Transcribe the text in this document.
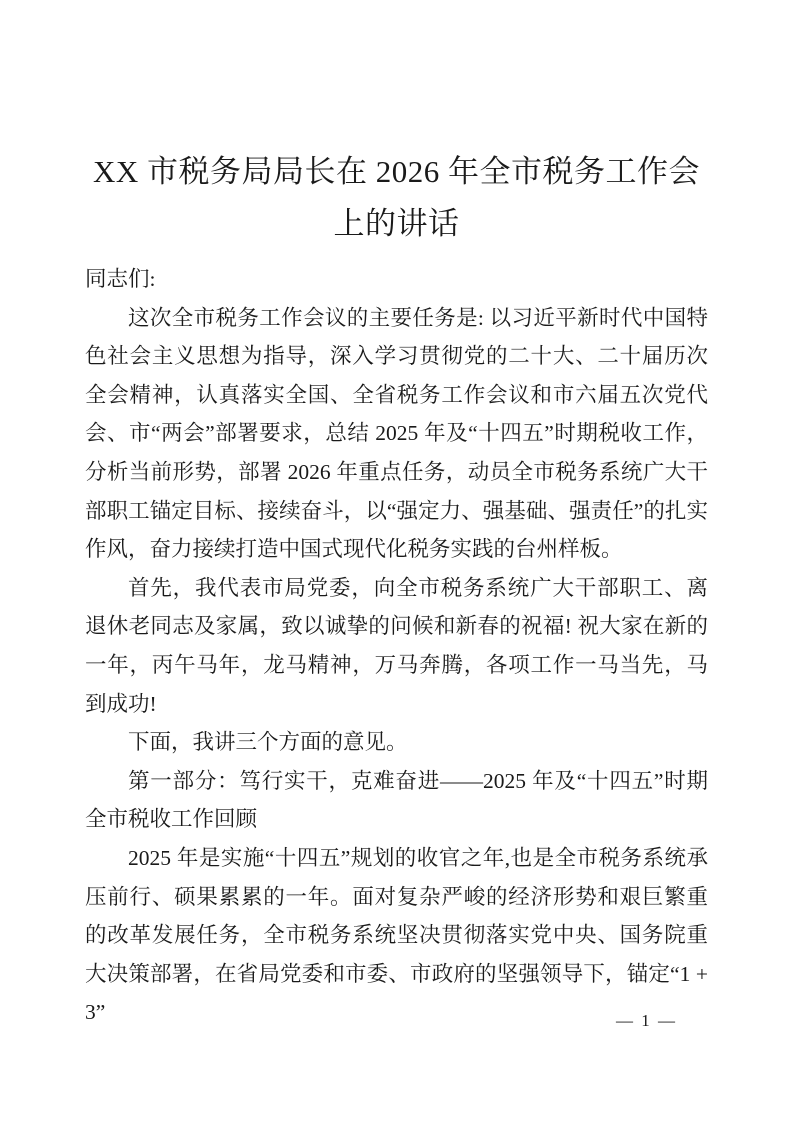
XX 市税务局局长在 2026 年全市税务工作会上的讲话

同志们:

这次全市税务工作会议的主要任务是: 以习近平新时代中国特色社会主义思想为指导，深入学习贯彻党的二十大、二十届历次全会精神，认真落实全国、全省税务工作会议和市六届五次党代会、市“两会”部署要求，总结 2025 年及“十四五”时期税收工作，分析当前形势，部署 2026 年重点任务，动员全市税务系统广大干部职工锚定目标、接续奋斗，以“强定力、强基础、强责任”的扎实作风，奋力接续打造中国式现代化税务实践的台州样板。

首先，我代表市局党委，向全市税务系统广大干部职工、离退休老同志及家属，致以诚挚的问候和新春的祝福! 祝大家在新的一年，丙午马年，龙马精神，万马奔腾，各项工作一马当先，马到成功!

下面，我讲三个方面的意见。

第一部分：笃行实干，克难奋进——2025 年及“十四五”时期全市税收工作回顾

2025 年是实施“十四五”规划的收官之年,也是全市税务系统承压前行、硕果累累的一年。面对复杂严峻的经济形势和艰巨繁重的改革发展任务，全市税务系统坚决贯彻落实党中央、国务院重大决策部署，在省局党委和市委、市政府的坚强领导下，锚定“1 + 3”	— 1 —
